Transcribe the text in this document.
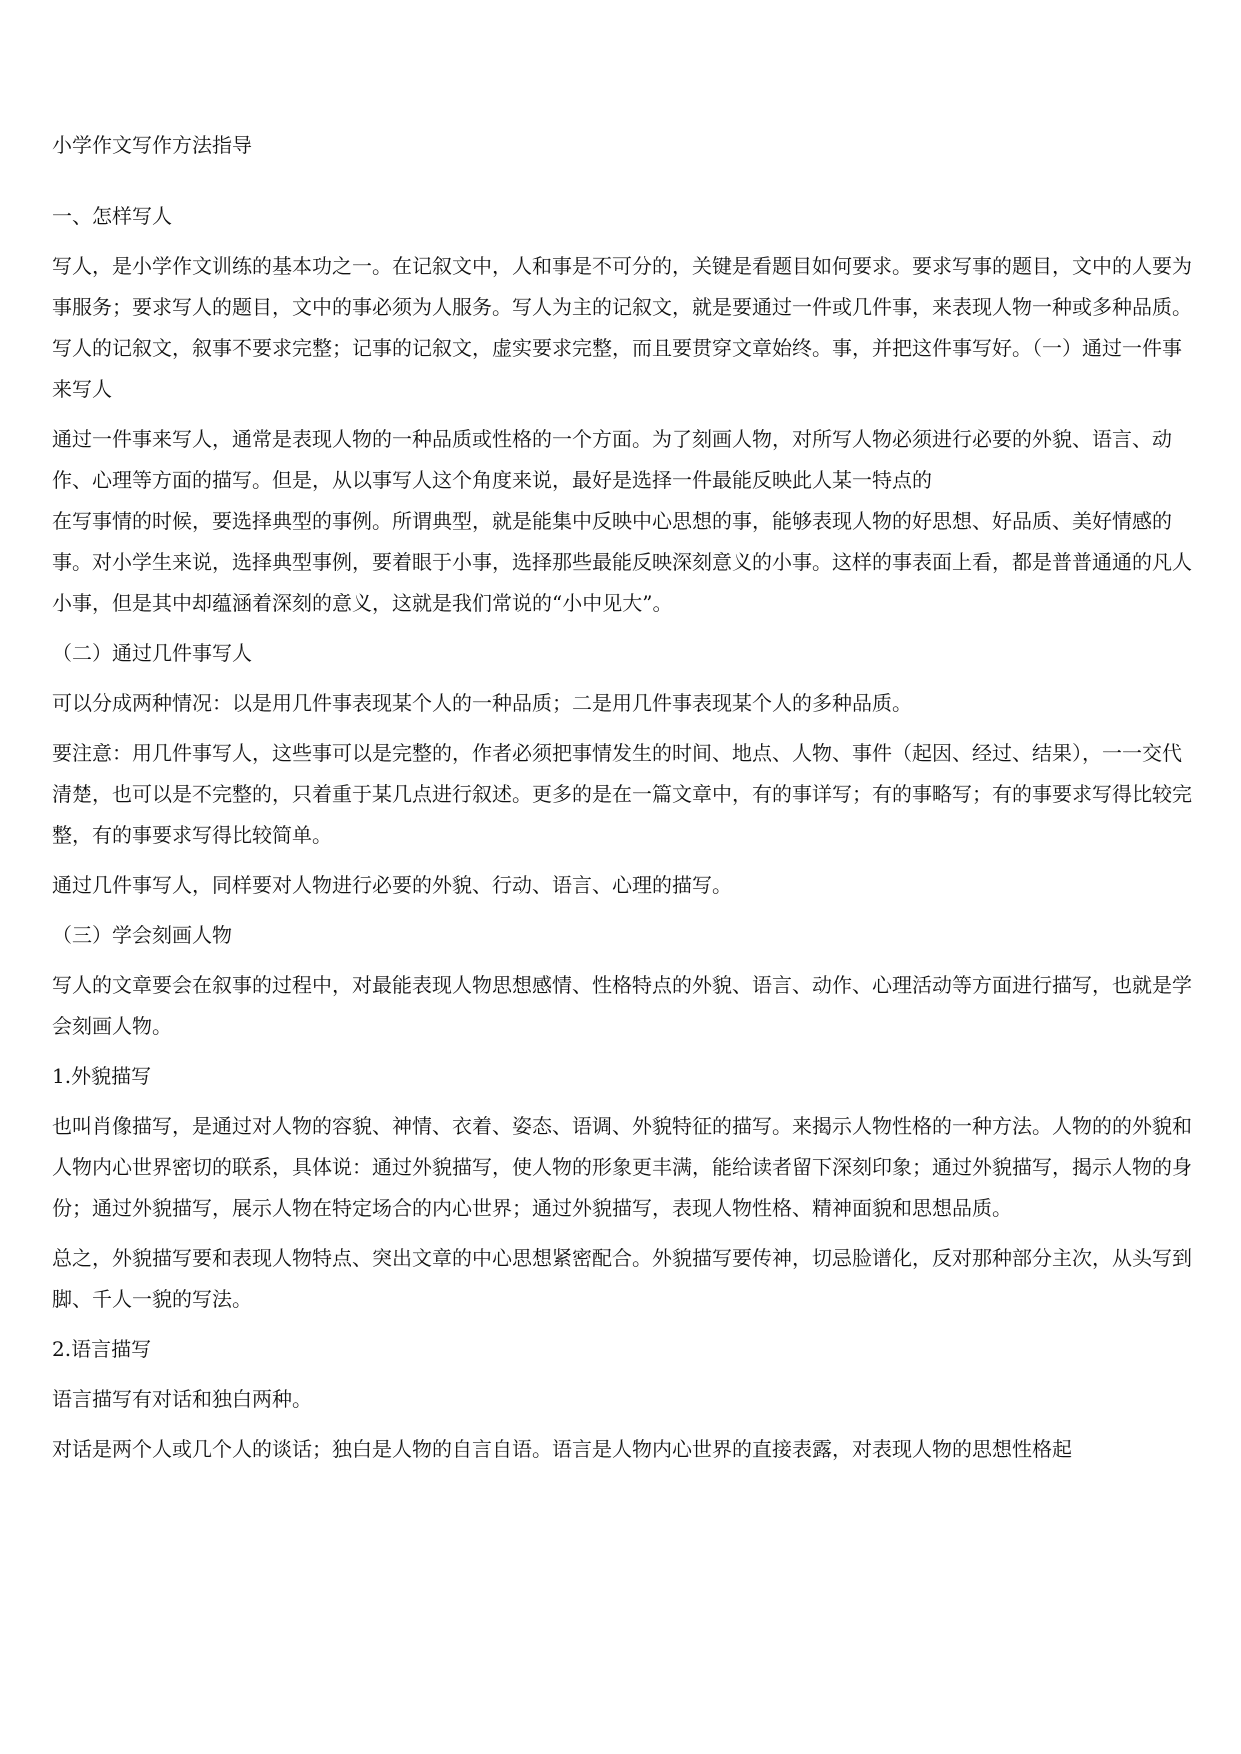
小学作文写作方法指导

一、怎样写人

写人，是小学作文训练的基本功之一。在记叙文中，人和事是不可分的，关键是看题目如何要求。要求写事的题目，文中的人要为事服务；要求写人的题目，文中的事必须为人服务。写人为主的记叙文，就是要通过一件或几件事，来表现人物一种或多种品质。写人的记叙文，叙事不要求完整；记事的记叙文，虚实要求完整，而且要贯穿文章始终。事，并把这件事写好。（一）通过一件事来写人

通过一件事来写人，通常是表现人物的一种品质或性格的一个方面。为了刻画人物，对所写人物必须进行必要的外貌、语言、动作、心理等方面的描写。但是，从以事写人这个角度来说，最好是选择一件最能反映此人某一特点的

在写事情的时候，要选择典型的事例。所谓典型，就是能集中反映中心思想的事，能够表现人物的好思想、好品质、美好情感的事。对小学生来说，选择典型事例，要着眼于小事，选择那些最能反映深刻意义的小事。这样的事表面上看，都是普普通通的凡人小事，但是其中却蕴涵着深刻的意义，这就是我们常说的“小中见大”。

（二）通过几件事写人

可以分成两种情况：以是用几件事表现某个人的一种品质；二是用几件事表现某个人的多种品质。

要注意：用几件事写人，这些事可以是完整的，作者必须把事情发生的时间、地点、人物、事件（起因、经过、结果），一一交代清楚，也可以是不完整的，只着重于某几点进行叙述。更多的是在一篇文章中，有的事详写；有的事略写；有的事要求写得比较完整，有的事要求写得比较简单。

通过几件事写人，同样要对人物进行必要的外貌、行动、语言、心理的描写。

（三）学会刻画人物

写人的文章要会在叙事的过程中，对最能表现人物思想感情、性格特点的外貌、语言、动作、心理活动等方面进行描写，也就是学会刻画人物。

1.外貌描写

也叫肖像描写，是通过对人物的容貌、神情、衣着、姿态、语调、外貌特征的描写。来揭示人物性格的一种方法。人物的的外貌和人物内心世界密切的联系，具体说：通过外貌描写，使人物的形象更丰满，能给读者留下深刻印象；通过外貌描写，揭示人物的身份；通过外貌描写，展示人物在特定场合的内心世界；通过外貌描写，表现人物性格、精神面貌和思想品质。

总之，外貌描写要和表现人物特点、突出文章的中心思想紧密配合。外貌描写要传神，切忌脸谱化，反对那种部分主次，从头写到脚、千人一貌的写法。

2.语言描写

语言描写有对话和独白两种。

对话是两个人或几个人的谈话；独白是人物的自言自语。语言是人物内心世界的直接表露，对表现人物的思想性格起
